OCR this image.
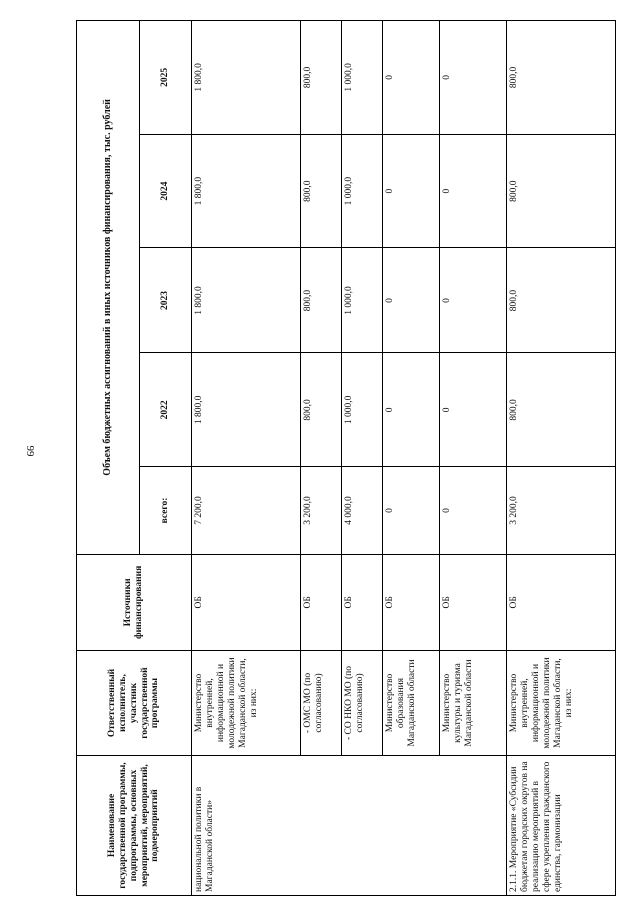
99
Наименование государственной программы, подпрограммы, основных мероприятий, мероприятий, подмероприятий	Ответственный исполнитель, участник государственной программы	Источники финансирования	Объем бюджетных ассигнований в иных источников финансирования, тыс. рублей				
			всего:	2022	2023	2024	2025
национальной политики в Магаданской области»	Министерство внутренней, информационной и молодежной политики Магаданской области, из них:	ОБ	7 200,0	1 800,0	1 800,0	1 800,0	1 800,0
	- ОМС МО (по согласованию)	ОБ	3 200,0	800,0	800,0	800,0	800,0
	- СО НКО МО (по согласованию)	ОБ	4 000,0	1 000,0	1 000,0	1 000,0	1 000,0
	Министерство образования Магаданской области	ОБ	0	0	0	0	0
	Министерство культуры и туризма Магаданской области	ОБ	0	0	0	0	0
2.1.1. Мероприятие «Субсидии бюджетам городских округов на реализацию мероприятий в сфере укрепления гражданского единства, гармонизации	Министерство внутренней, информационной и молодежной политики Магаданской области, из них:	ОБ	3 200,0	800,0	800,0	800,0	800,0
